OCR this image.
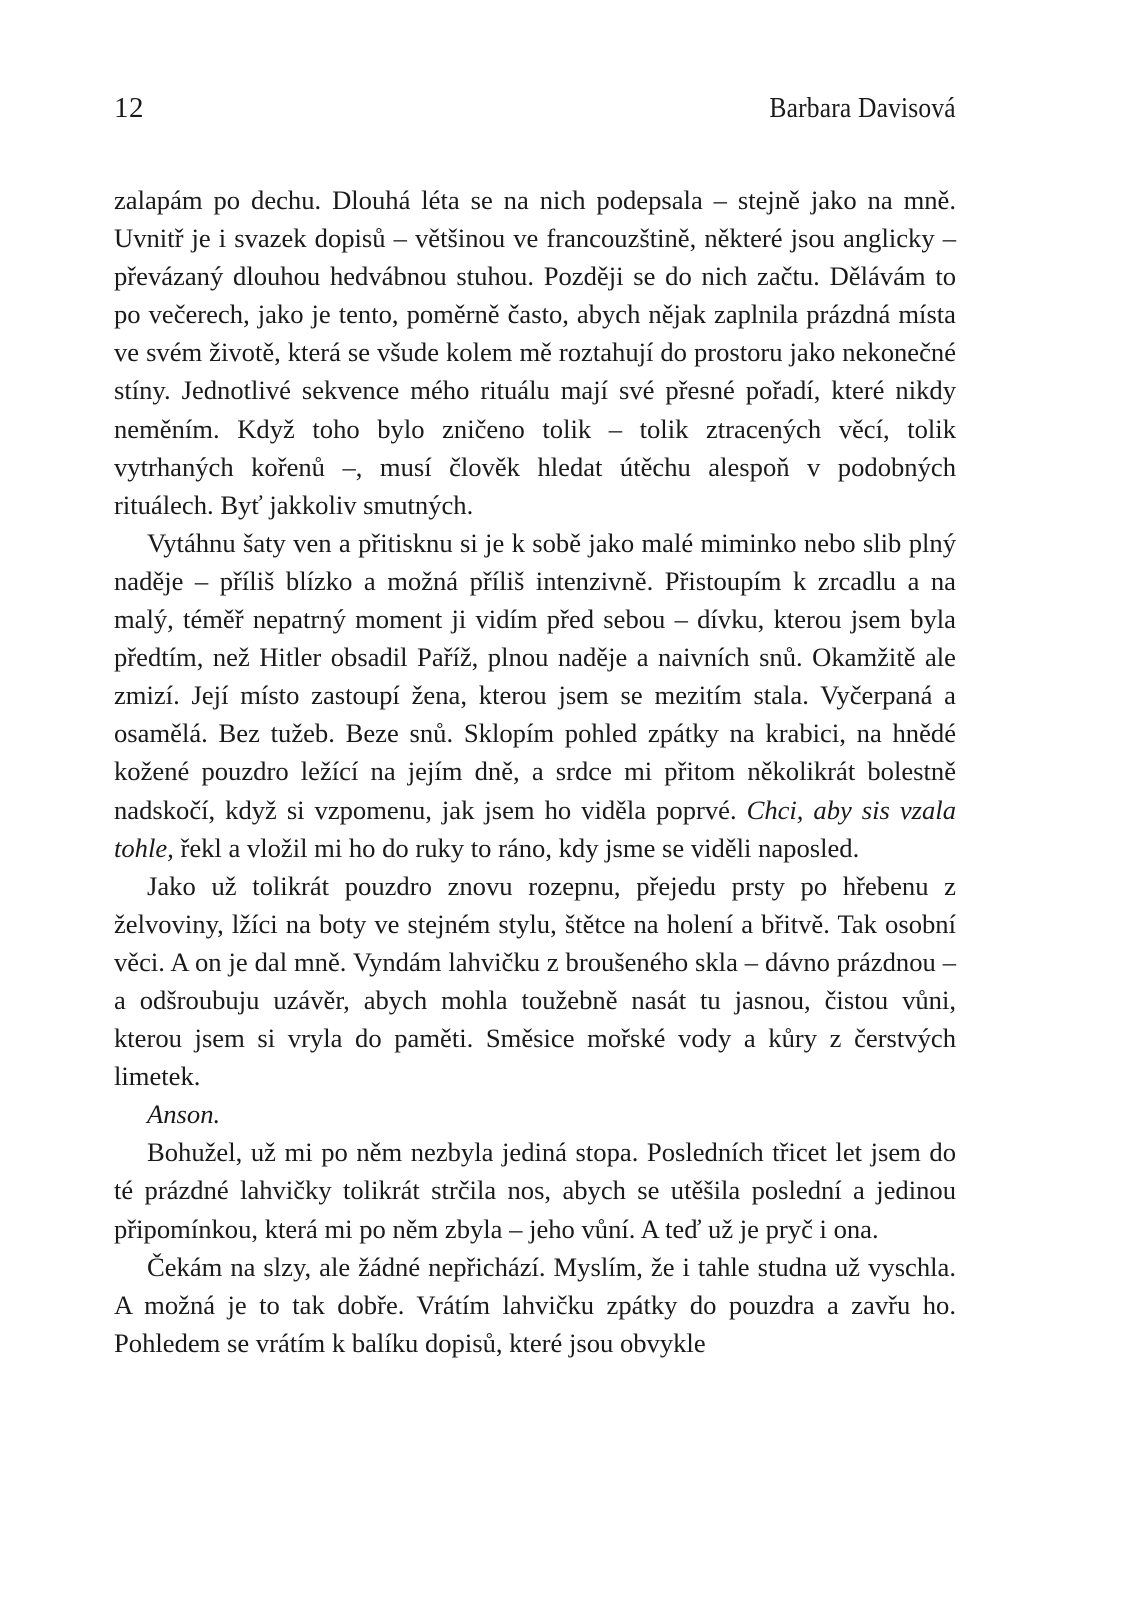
12	Barbara Davisová

zalapám po dechu. Dlouhá léta se na nich podepsala – stejně jako na mně. Uvnitř je i svazek dopisů – většinou ve francouzštině, některé jsou anglicky – převázaný dlouhou hedvábnou stuhou. Později se do nich začtu. Dělávám to po večerech, jako je tento, poměrně často, abych nějak zaplnila prázdná místa ve svém životě, která se všude kolem mě roztahují do prostoru jako nekonečné stíny. Jednotlivé sekvence mého rituálu mají své přesné pořadí, které nikdy neměním. Když toho bylo zničeno tolik – tolik ztracených věcí, tolik vytrhaných kořenů –, musí člověk hledat útěchu alespoň v podobných rituálech. Byť jakkoliv smutných.

Vytáhnu šaty ven a přitisknu si je k sobě jako malé miminko nebo slib plný naděje – příliš blízko a možná příliš intenzivně. Přistoupím k zrcadlu a na malý, téměř nepatrný moment ji vidím před sebou – dívku, kterou jsem byla předtím, než Hitler obsadil Paříž, plnou naděje a naivních snů. Okamžitě ale zmizí. Její místo zastoupí žena, kterou jsem se mezitím stala. Vyčerpaná a osamělá. Bez tužeb. Beze snů. Sklopím pohled zpátky na krabici, na hnědé kožené pouzdro ležící na jejím dně, a srdce mi přitom několikrát bolestně nadskočí, když si vzpomenu, jak jsem ho viděla poprvé. Chci, aby sis vzala tohle, řekl a vložil mi ho do ruky to ráno, kdy jsme se viděli naposled.

Jako už tolikrát pouzdro znovu rozepnu, přejedu prsty po hřebenu z želvoviny, lžíci na boty ve stejném stylu, štětce na holení a břitvě. Tak osobní věci. A on je dal mně. Vyndám lahvičku z broušeného skla – dávno prázdnou – a odšroubuju uzávěr, abych mohla toužebně nasát tu jasnou, čistou vůni, kterou jsem si vryla do paměti. Směsice mořské vody a kůry z čerstvých limetek.

Anson.

Bohužel, už mi po něm nezbyla jediná stopa. Posledních třicet let jsem do té prázdné lahvičky tolikrát strčila nos, abych se utěšila poslední a jedinou připomínkou, která mi po něm zbyla – jeho vůní. A teď už je pryč i ona.

Čekám na slzy, ale žádné nepřichází. Myslím, že i tahle studna už vyschla. A možná je to tak dobře. Vrátím lahvičku zpátky do pouzdra a zavřu ho. Pohledem se vrátím k balíku dopisů, které jsou obvykle
